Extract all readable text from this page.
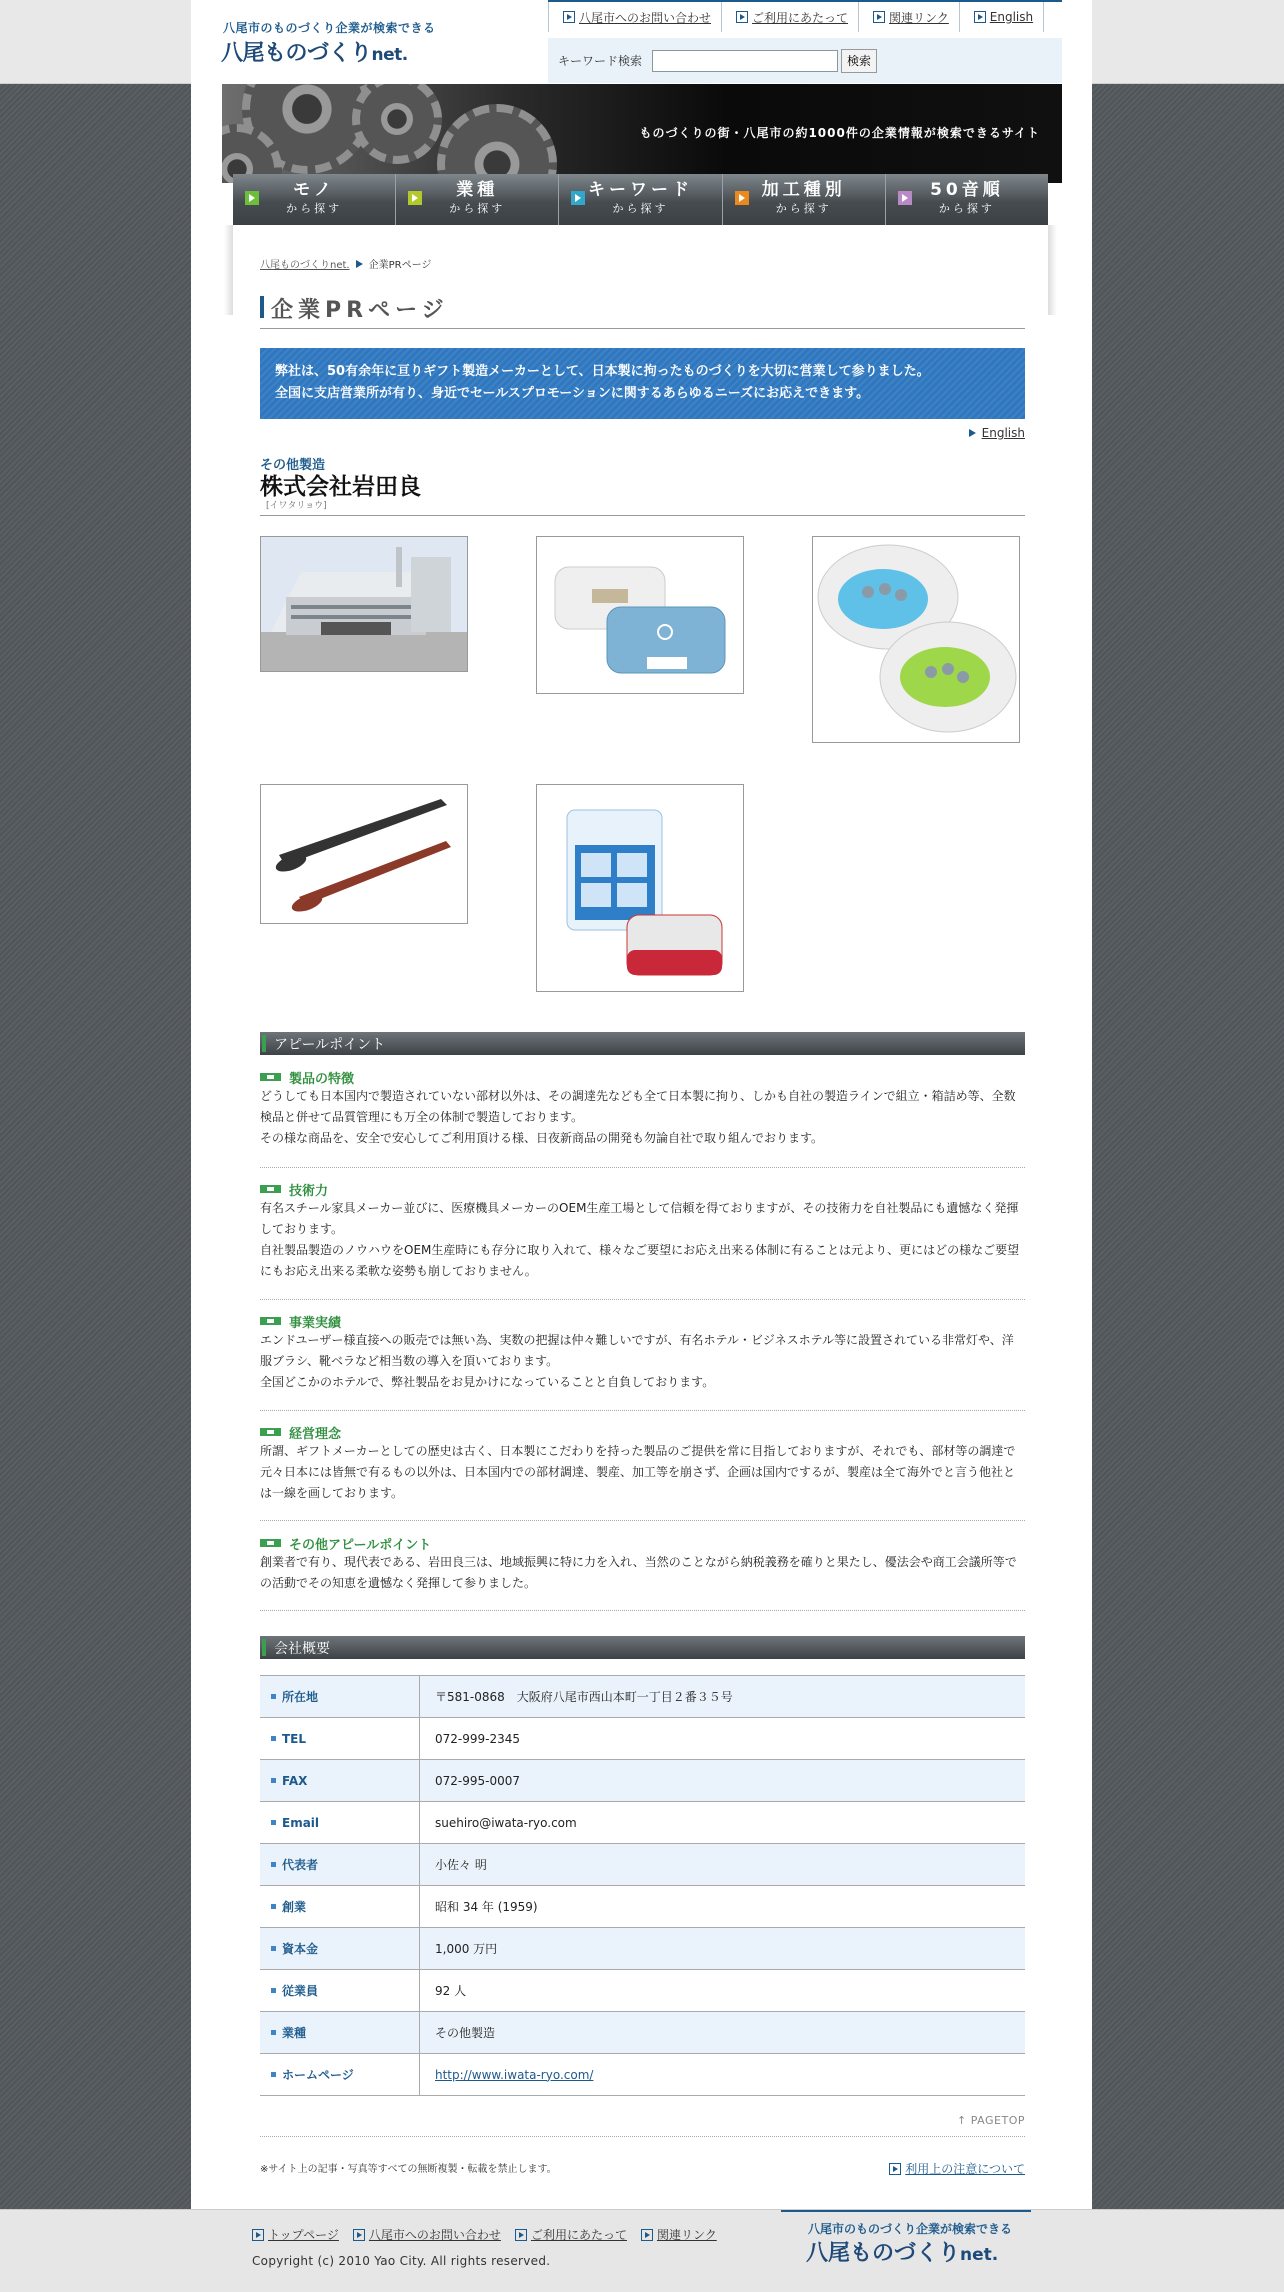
八尾市のものづくり企業が検索できる
八尾ものづくりnet.
八尾市へのお問い合わせ	ご利用にあたって	関連リンク	English
キーワード検索	検索
ものづくりの街・八尾市の約1000件の企業情報が検索できるサイト
モノ
から探す
業種
から探す
キーワード
から探す
加工種別
から探す
50音順
から探す
八尾ものづくりnet. 企業PRページ
企業PRページ
弊社は、50有余年に亘りギフト製造メーカーとして、日本製に拘ったものづくりを大切に営業して参りました。
全国に支店営業所が有り、身近でセールスプロモーションに関するあらゆるニーズにお応えできます。
English
その他製造
株式会社岩田良
[イワタリョウ]
アピールポイント
製品の特徴

どうしても日本国内で製造されていない部材以外は、その調達先なども全て日本製に拘り、しかも自社の製造ラインで組立・箱詰め等、全数検品と併せて品質管理にも万全の体制で製造しております。

その様な商品を、安全で安心してご利用頂ける様、日夜新商品の開発も勿論自社で取り組んでおります。

技術力

有名スチール家具メーカー並びに、医療機具メーカーのOEM生産工場として信頼を得ておりますが、その技術力を自社製品にも遺憾なく発揮しております。

自社製品製造のノウハウをOEM生産時にも存分に取り入れて、様々なご要望にお応え出来る体制に有ることは元より、更にはどの様なご要望にもお応え出来る柔軟な姿勢も崩しておりません。

事業実績

エンドユーザー様直接への販売では無い為、実数の把握は仲々難しいですが、有名ホテル・ビジネスホテル等に設置されている非常灯や、洋服ブラシ、靴ベラなど相当数の導入を頂いております。

全国どこかのホテルで、弊社製品をお見かけになっていることと自負しております。

経営理念

所謂、ギフトメーカーとしての歴史は古く、日本製にこだわりを持った製品のご提供を常に目指しておりますが、それでも、部材等の調達で元々日本には皆無で有るもの以外は、日本国内での部材調達、製産、加工等を崩さず、企画は国内でするが、製産は全て海外でと言う他社とは一線を画しております。

その他アピールポイント

創業者で有り、現代表である、岩田良三は、地域振興に特に力を入れ、当然のことながら納税義務を確りと果たし、優法会や商工会議所等での活動でその知恵を遺憾なく発揮して参りました。

会社概要
所在地	〒581-0868　大阪府八尾市西山本町一丁目２番３５号
TEL	072-999-2345
FAX	072-995-0007
Email	suehiro@iwata-ryo.com
代表者	小佐々 明
創業	昭和 34 年 (1959)
資本金	1,000 万円
従業員	92 人
業種	その他製造
ホームページ	http://www.iwata-ryo.com/
↑ PAGETOP
※サイト上の記事・写真等すべての無断複製・転載を禁止します。	利用上の注意について
トップページ	八尾市へのお問い合わせ	ご利用にあたって	関連リンク
Copyright (c) 2010 Yao City. All rights reserved.
八尾市のものづくり企業が検索できる
八尾ものづくりnet.
